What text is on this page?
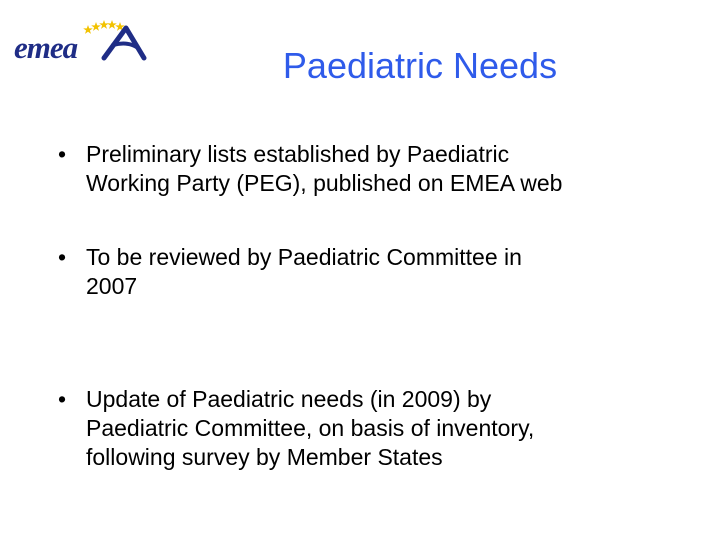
emea	Paediatric Needs
• Preliminary lists established by Paediatric
Working Party (PEG), published on EMEA web
• To be reviewed by Paediatric Committee in
2007
• Update of Paediatric needs (in 2009) by
Paediatric Committee, on basis of inventory,
following survey by Member States
